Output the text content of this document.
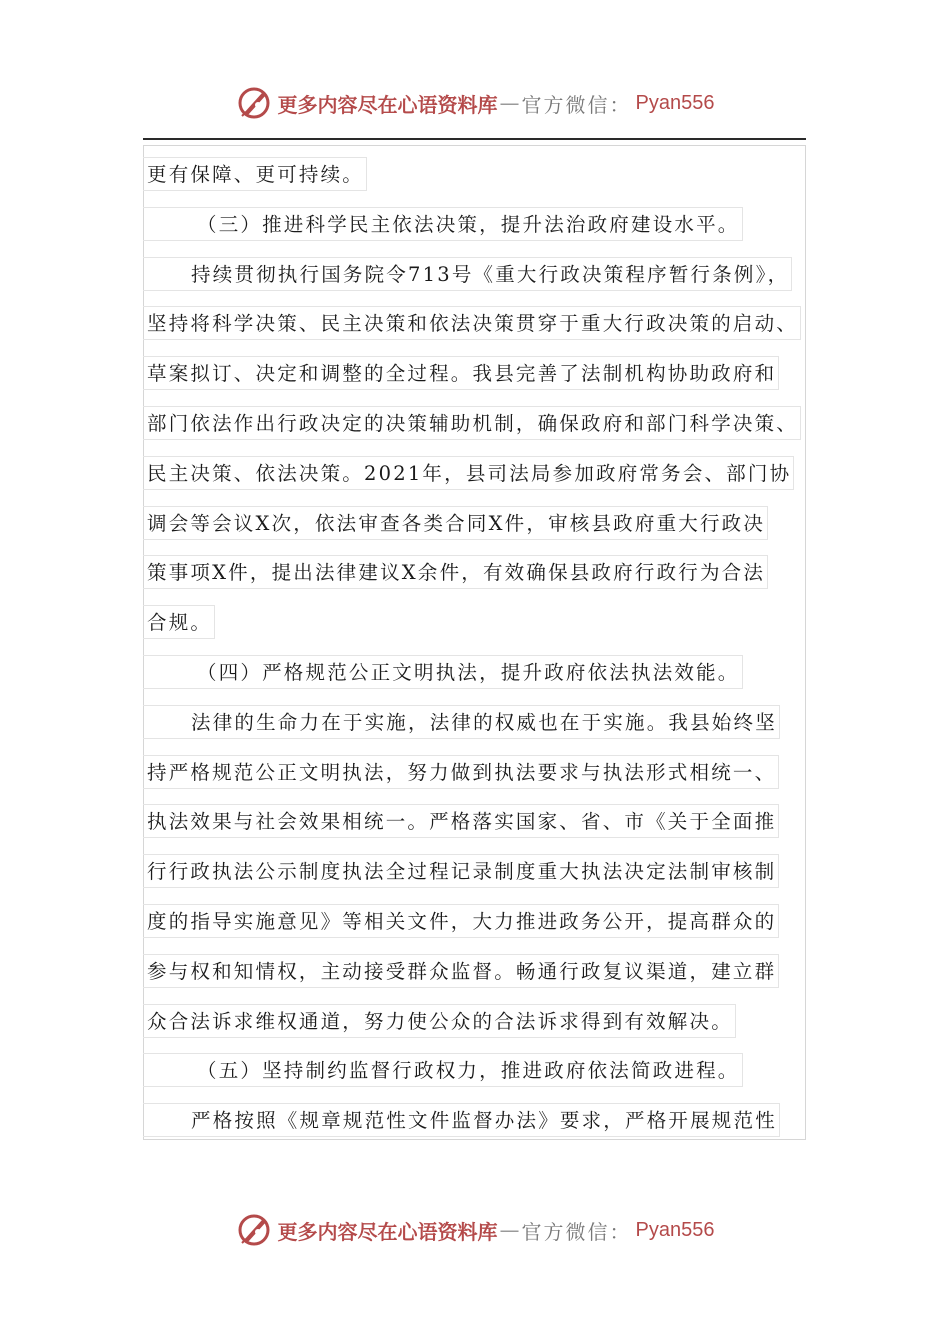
更多内容尽在心语资料库 — 官方微信： Pyan556
更有保障、更可持续。
（三）推进科学民主依法决策，提升法治政府建设水平。
持续贯彻执行国务院令713号《重大行政决策程序暂行条例》，
坚持将科学决策、民主决策和依法决策贯穿于重大行政决策的启动、
草案拟订、决定和调整的全过程。我县完善了法制机构协助政府和
部门依法作出行政决定的决策辅助机制，确保政府和部门科学决策、
民主决策、依法决策。2021年，县司法局参加政府常务会、部门协
调会等会议X次，依法审查各类合同X件，审核县政府重大行政决
策事项X件，提出法律建议X余件，有效确保县政府行政行为合法
合规。
（四）严格规范公正文明执法，提升政府依法执法效能。
法律的生命力在于实施，法律的权威也在于实施。我县始终坚
持严格规范公正文明执法，努力做到执法要求与执法形式相统一、
执法效果与社会效果相统一。严格落实国家、省、市《关于全面推
行行政执法公示制度执法全过程记录制度重大执法决定法制审核制
度的指导实施意见》等相关文件，大力推进政务公开，提高群众的
参与权和知情权，主动接受群众监督。畅通行政复议渠道，建立群
众合法诉求维权通道，努力使公众的合法诉求得到有效解决。
（五）坚持制约监督行政权力，推进政府依法简政进程。
严格按照《规章规范性文件监督办法》要求，严格开展规范性
更多内容尽在心语资料库 — 官方微信： Pyan556
